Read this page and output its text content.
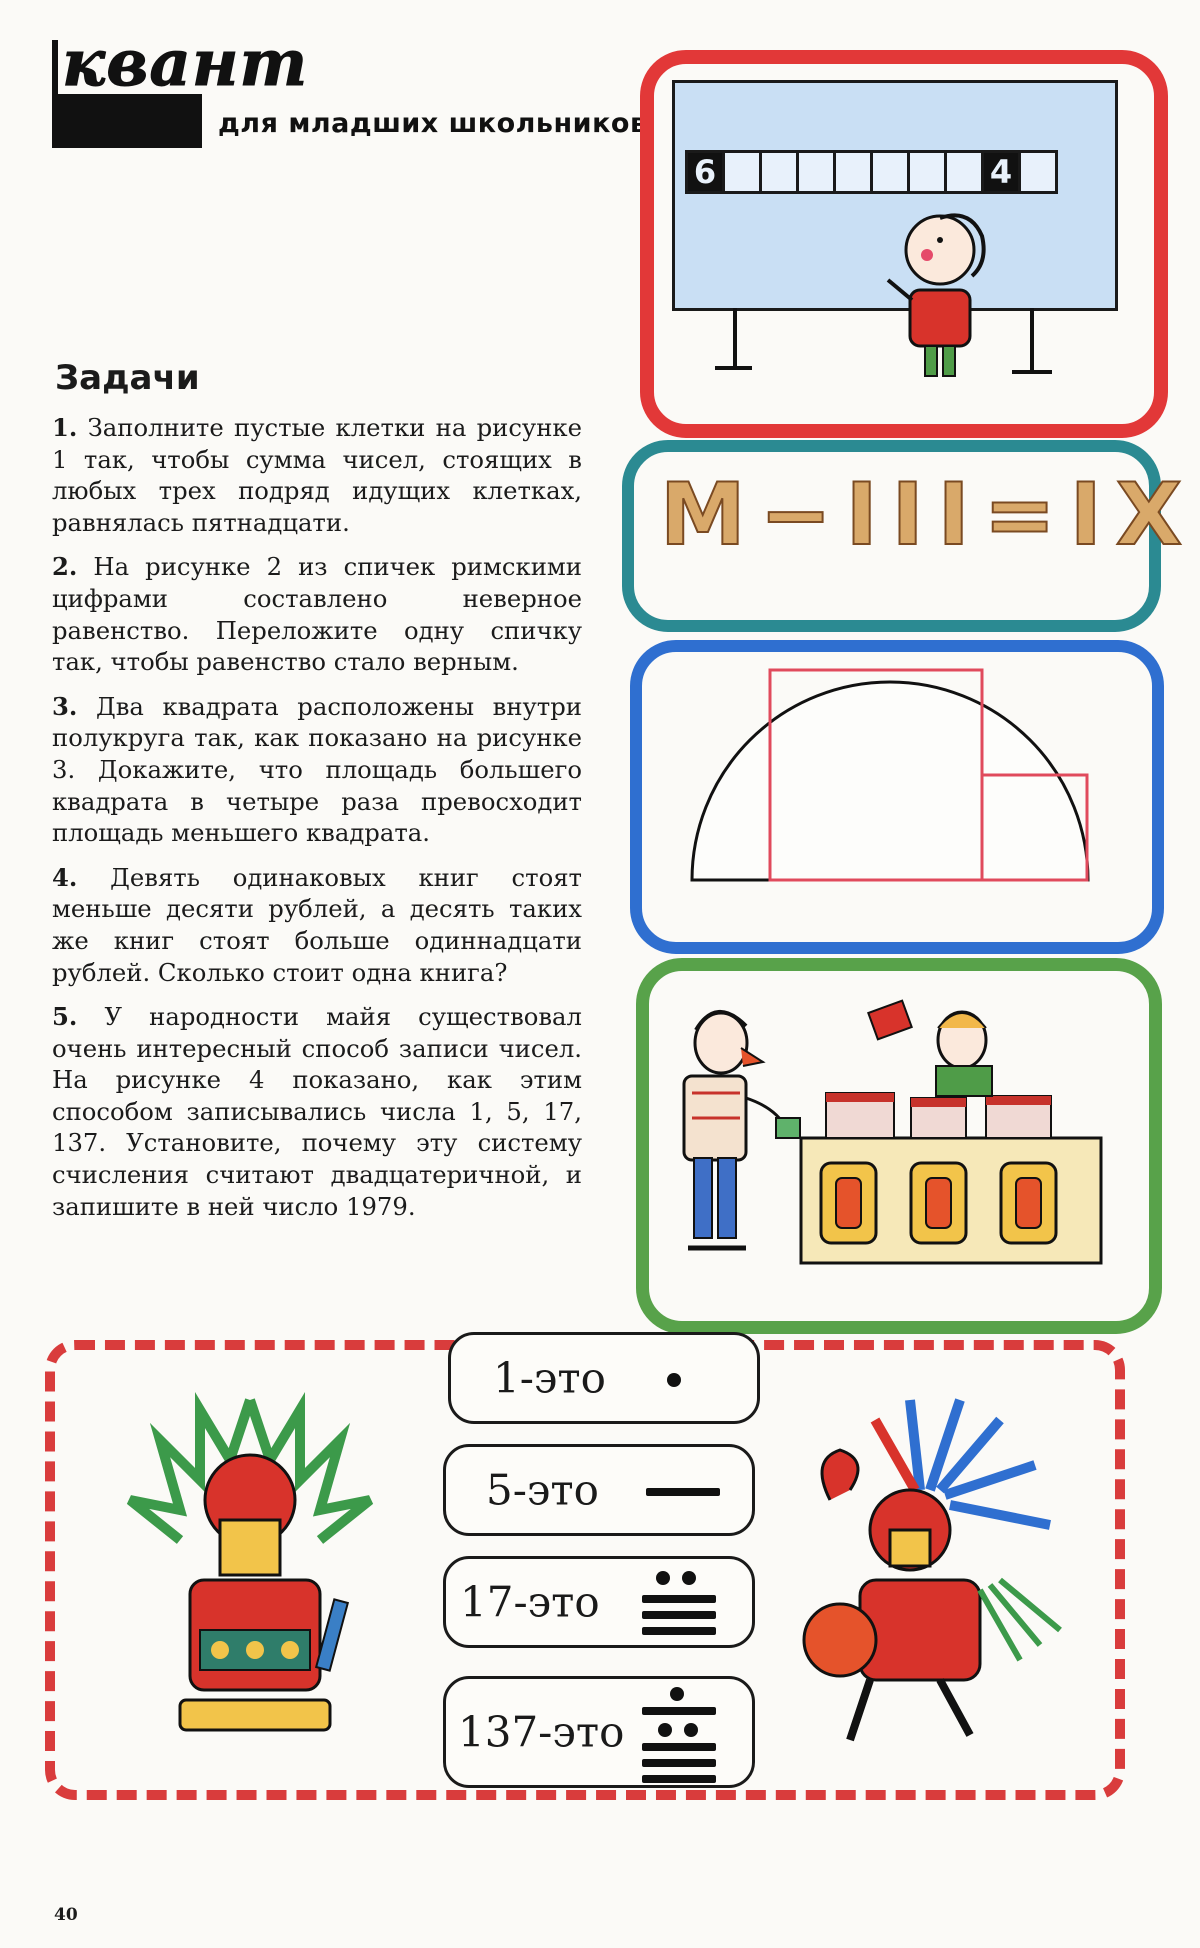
квант
для младших школьников
Задачи

1. Заполните пустые клетки на рисунке 1 так, чтобы сумма чисел, стоящих в любых трех подряд идущих клетках, равнялась пятнадцати.

2. На рисунке 2 из спичек римскими цифрами составлено неверное равенство. Переложите одну спичку так, чтобы равенство стало верным.

3. Два квадрата расположены внутри полукруга так, как показано на рисунке 3. Докажите, что площадь большего квадрата в четыре раза превосходит площадь меньшего квадрата.

4. Девять одинаковых книг стоят меньше десяти рублей, а десять таких же книг стоят больше одиннадцати рублей. Сколько стоит одна книга?

5. У народности майя существовал очень интересный способ записи чисел. На рисунке 4 показано, как этим способом записывались числа 1, 5, 17, 137. Установите, почему эту систему счисления считают двадцатеричной, и запишите в ней число 1979.

6	4
M−III=IX
1-это
5-это
17-это
137-это
40
